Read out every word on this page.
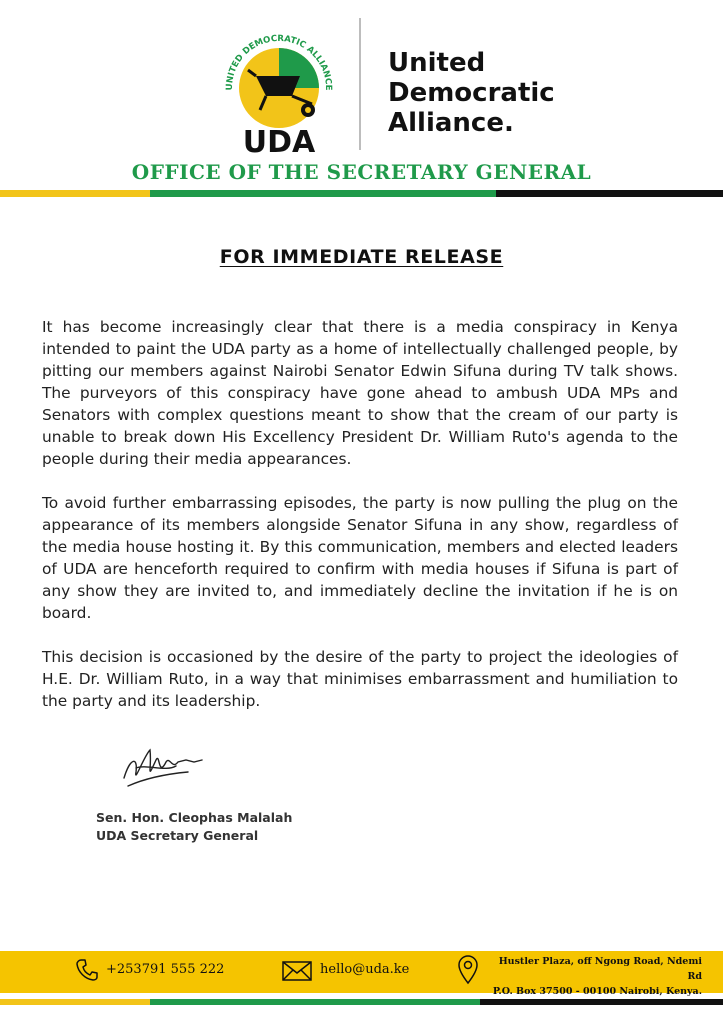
UNITED DEMOCRATIC ALLIANCE
UDA
United
Democratic
Alliance.
OFFICE OF THE SECRETARY GENERAL
FOR IMMEDIATE RELEASE

It has become increasingly clear that there is a media conspiracy in Kenya intended to paint the UDA party as a home of intellectually challenged people, by pitting our members against Nairobi Senator Edwin Sifuna during TV talk shows. The purveyors of this conspiracy have gone ahead to ambush UDA MPs and Senators with complex questions meant to show that the cream of our party is unable to break down His Excellency President Dr. William Ruto's agenda to the people during their media appearances.

To avoid further embarrassing episodes, the party is now pulling the plug on the appearance of its members alongside Senator Sifuna in any show, regardless of the media house hosting it. By this communication, members and elected leaders of UDA are henceforth required to confirm with media houses if Sifuna is part of any show they are invited to, and immediately decline the invitation if he is on board.

This decision is occasioned by the desire of the party to project the ideologies of H.E. Dr. William Ruto, in a way that minimises embarrassment and humiliation to the party and its leadership.

Sen. Hon. Cleophas Malalah
UDA Secretary General
+253791 555 222	hello@uda.ke
Hustler Plaza, off Ngong Road, Ndemi Rd
P.O. Box 37500 - 00100 Nairobi, Kenya.
